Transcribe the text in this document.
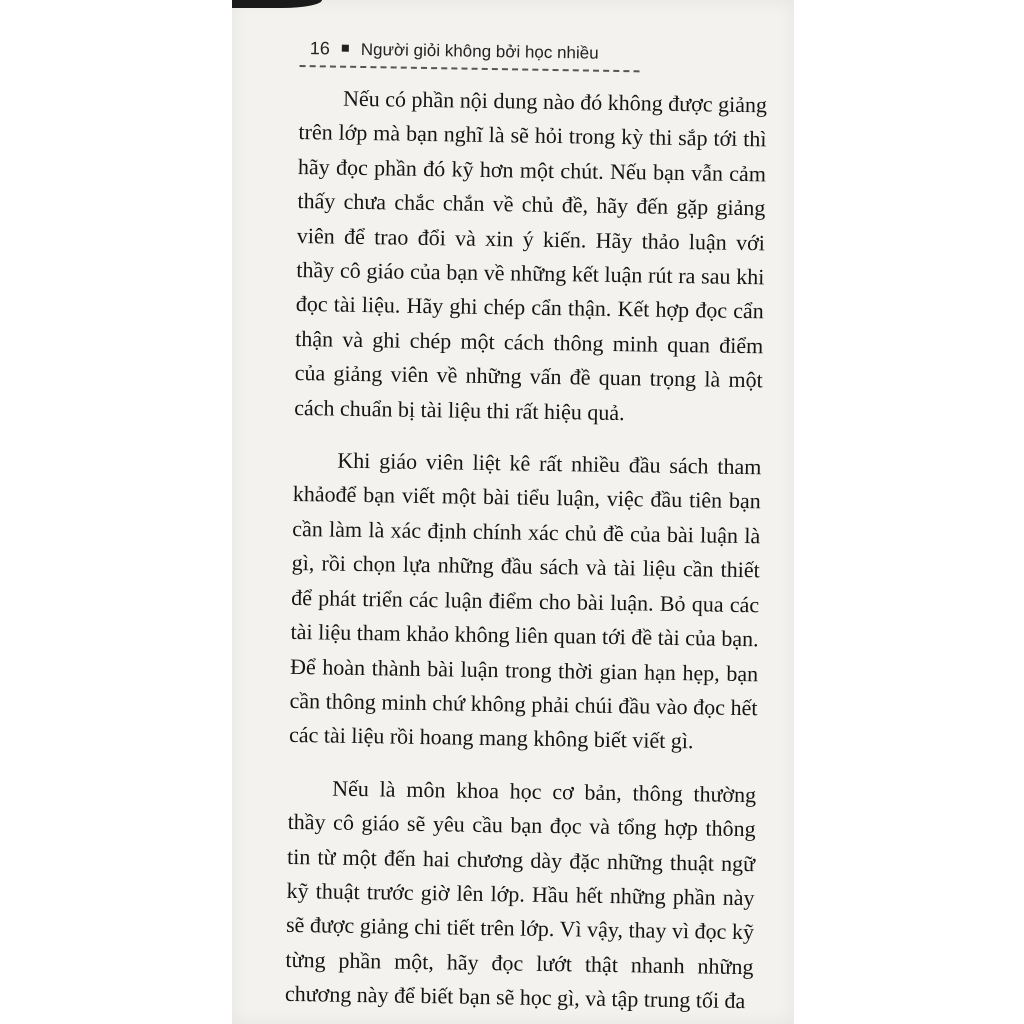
16 Người giỏi không bởi học nhiều

Nếu có phần nội dung nào đó không được giảng trên lớp mà bạn nghĩ là sẽ hỏi trong kỳ thi sắp tới thì hãy đọc phần đó kỹ hơn một chút. Nếu bạn vẫn cảm thấy chưa chắc chắn về chủ đề, hãy đến gặp giảng viên để trao đổi và xin ý kiến. Hãy thảo luận với thầy cô giáo của bạn về những kết luận rút ra sau khi đọc tài liệu. Hãy ghi chép cẩn thận. Kết hợp đọc cẩn thận và ghi chép một cách thông minh quan điểm của giảng viên về những vấn đề quan trọng là một cách chuẩn bị tài liệu thi rất hiệu quả.

Khi giáo viên liệt kê rất nhiều đầu sách tham khảođể bạn viết một bài tiểu luận, việc đầu tiên bạn cần làm là xác định chính xác chủ đề của bài luận là gì, rồi chọn lựa những đầu sách và tài liệu cần thiết để phát triển các luận điểm cho bài luận. Bỏ qua các tài liệu tham khảo không liên quan tới đề tài của bạn. Để hoàn thành bài luận trong thời gian hạn hẹp, bạn cần thông minh chứ không phải chúi đầu vào đọc hết các tài liệu rồi hoang mang không biết viết gì.

Nếu là môn khoa học cơ bản, thông thường thầy cô giáo sẽ yêu cầu bạn đọc và tổng hợp thông tin từ một đến hai chương dày đặc những thuật ngữ kỹ thuật trước giờ lên lớp. Hầu hết những phần này sẽ được giảng chi tiết trên lớp. Vì vậy, thay vì đọc kỹ từng phần một, hãy đọc lướt thật nhanh những chương này để biết bạn sẽ học gì, và tập trung tối đa
